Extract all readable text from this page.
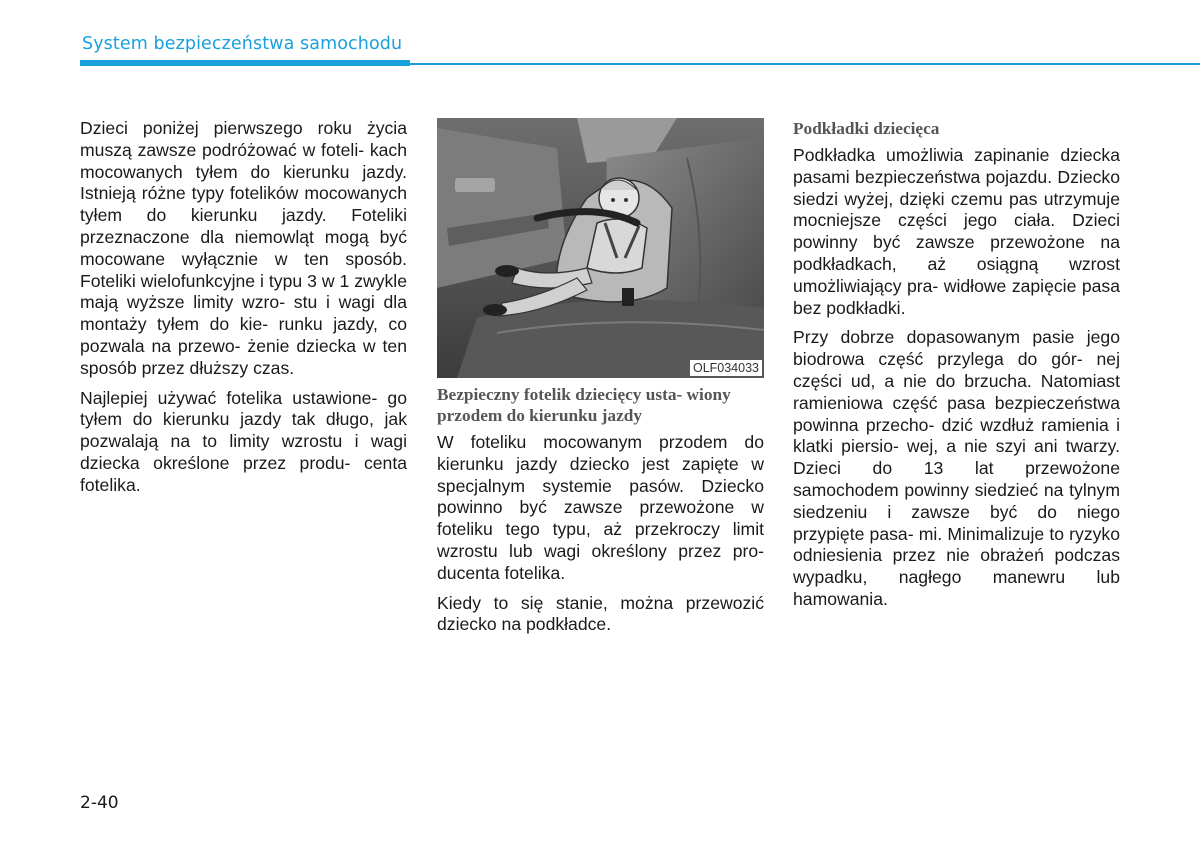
System bezpieczeństwa samochodu

Dzieci poniżej pierwszego roku życia muszą zawsze podróżować w foteli- kach mocowanych tyłem do kierunku jazdy. Istnieją różne typy fotelików mocowanych tyłem do kierunku jazdy. Foteliki przeznaczone dla niemowląt mogą być mocowane wyłącznie w ten sposób. Foteliki wielofunkcyjne i typu 3 w 1 zwykle mają wyższe limity wzro- stu i wagi dla montaży tyłem do kie- runku jazdy, co pozwala na przewo- żenie dziecka w ten sposób przez dłuższy czas.

Najlepiej używać fotelika ustawione- go tyłem do kierunku jazdy tak długo, jak pozwalają na to limity wzrostu i wagi dziecka określone przez produ- centa fotelika.

OLF034033

Bezpieczny fotelik dziecięcy usta- wiony przodem do kierunku jazdy

W foteliku mocowanym przodem do kierunku jazdy dziecko jest zapięte w specjalnym systemie pasów. Dziecko powinno być zawsze przewożone w foteliku tego typu, aż przekroczy limit wzrostu lub wagi określony przez pro- ducenta fotelika.

Kiedy to się stanie, można przewozić dziecko na podkładce.

Podkładki dziecięca

Podkładka umożliwia zapinanie dziecka pasami bezpieczeństwa pojazdu. Dziecko siedzi wyżej, dzięki czemu pas utrzymuje mocniejsze części jego ciała. Dzieci powinny być zawsze przewożone na podkładkach, aż osiągną wzrost umożliwiający pra- widłowe zapięcie pasa bez podkładki.

Przy dobrze dopasowanym pasie jego biodrowa część przylega do gór- nej części ud, a nie do brzucha. Natomiast ramieniowa część pasa bezpieczeństwa powinna przecho- dzić wzdłuż ramienia i klatki piersio- wej, a nie szyi ani twarzy. Dzieci do 13 lat przewożone samochodem powinny siedzieć na tylnym siedzeniu i zawsze być do niego przypięte pasa- mi. Minimalizuje to ryzyko odniesienia przez nie obrażeń podczas wypadku, nagłego manewru lub hamowania.

2-40
